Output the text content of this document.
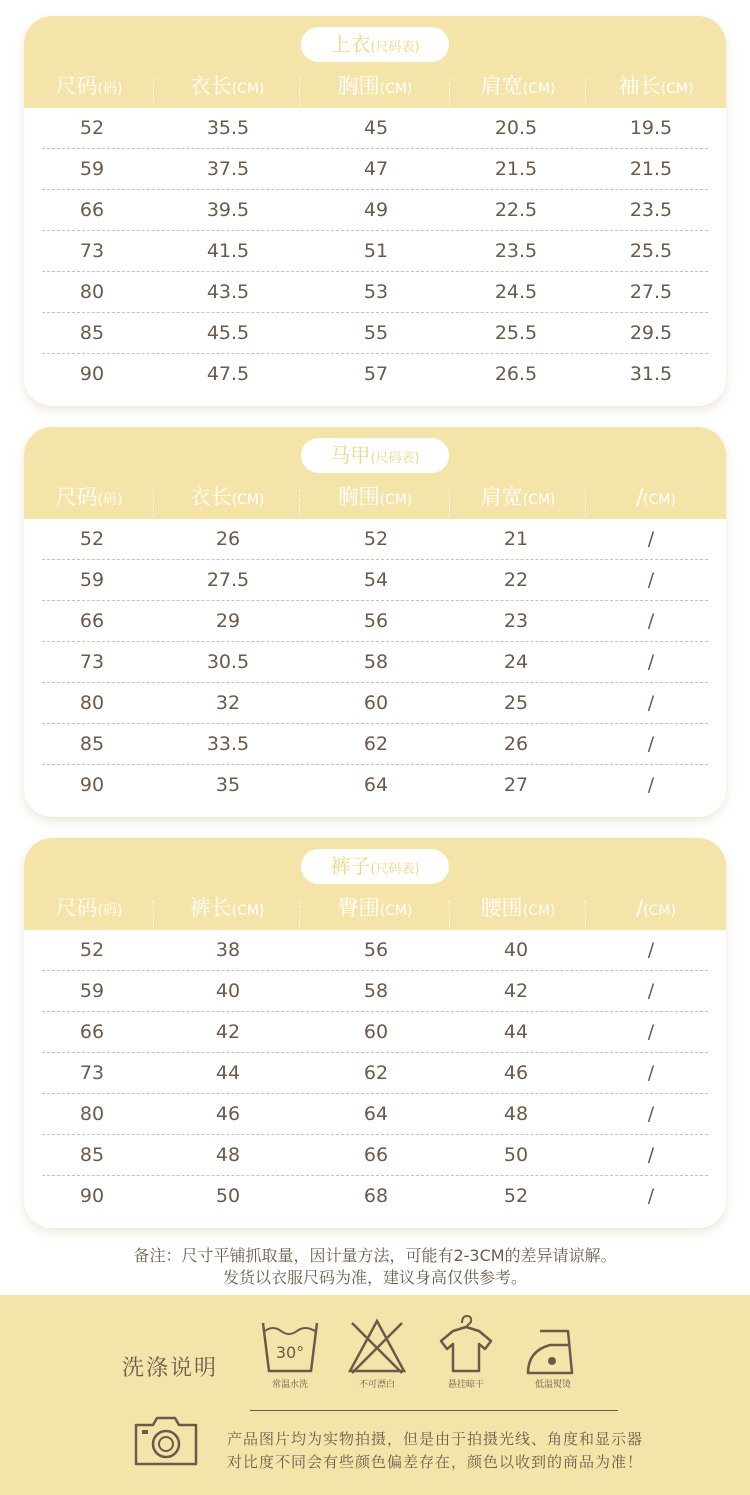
上衣(尺码表)
尺码(码)	衣长(CM)	胸围(CM)	肩宽(CM)	袖长(CM)
52	35.5	45	20.5	19.5
59	37.5	47	21.5	21.5
66	39.5	49	22.5	23.5
73	41.5	51	23.5	25.5
80	43.5	53	24.5	27.5
85	45.5	55	25.5	29.5
90	47.5	57	26.5	31.5
马甲(尺码表)
尺码(码)	衣长(CM)	胸围(CM)	肩宽(CM)	/(CM)
52	26	52	21	/
59	27.5	54	22	/
66	29	56	23	/
73	30.5	58	24	/
80	32	60	25	/
85	33.5	62	26	/
90	35	64	27	/
裤子(尺码表)
尺码(码)	裤长(CM)	臀围(CM)	腰围(CM)	/(CM)
52	38	56	40	/
59	40	58	42	/
66	42	60	44	/
73	44	62	46	/
80	46	64	48	/
85	48	66	50	/
90	50	68	52	/
备注：尺寸平铺抓取量，因计量方法，可能有2-3CM的差异请谅解。
发货以衣服尺码为准，建议身高仅供参考。
洗涤说明
30°
常温水洗	不可漂白	悬挂晾干	低温熨烫
产品图片均为实物拍摄，但是由于拍摄光线、角度和显示器
对比度不同会有些颜色偏差存在，颜色以收到的商品为准！
